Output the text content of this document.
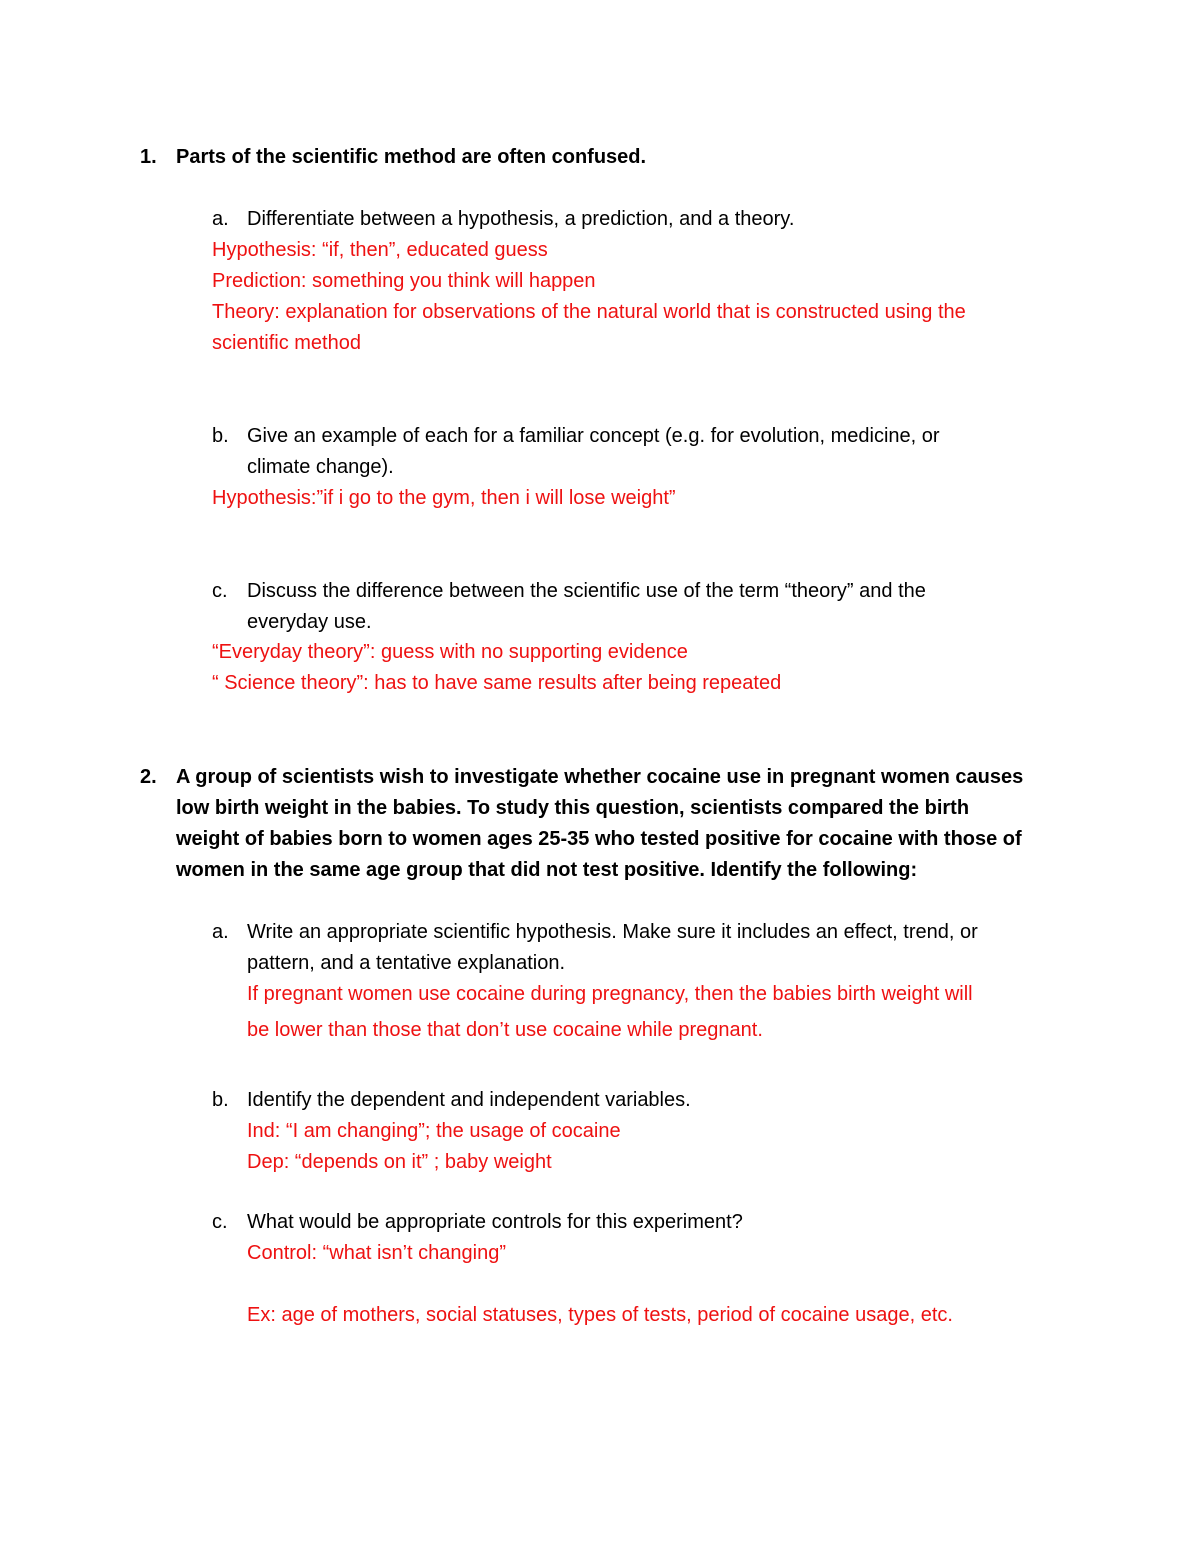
1. Parts of the scientific method are often confused.
a. Differentiate between a hypothesis, a prediction, and a theory.
Hypothesis: “if, then”, educated guess
Prediction: something you think will happen
Theory: explanation for observations of the natural world that is constructed using the
scientific method
b. Give an example of each for a familiar concept (e.g. for evolution, medicine, or
climate change).
Hypothesis:”if i go to the gym, then i will lose weight”
c. Discuss the difference between the scientific use of the term “theory” and the
everyday use.
“Everyday theory”: guess with no supporting evidence
“ Science theory”: has to have same results after being repeated
2. A group of scientists wish to investigate whether cocaine use in pregnant women causes
low birth weight in the babies. To study this question, scientists compared the birth
weight of babies born to women ages 25-35 who tested positive for cocaine with those of
women in the same age group that did not test positive. Identify the following:
a. Write an appropriate scientific hypothesis. Make sure it includes an effect, trend, or
pattern, and a tentative explanation.
If pregnant women use cocaine during pregnancy, then the babies birth weight will
be lower than those that don’t use cocaine while pregnant.
b. Identify the dependent and independent variables.
Ind: “I am changing”; the usage of cocaine
Dep: “depends on it” ; baby weight
c. What would be appropriate controls for this experiment?
Control: “what isn’t changing”
Ex: age of mothers, social statuses, types of tests, period of cocaine usage, etc.
